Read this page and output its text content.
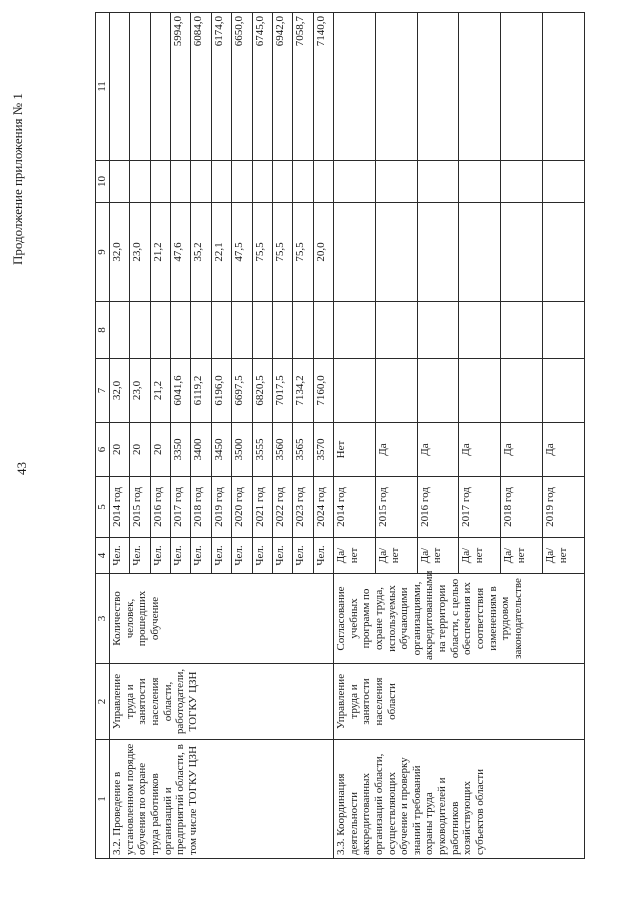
43
Продолжение приложения № 1
1	2	3	4	5	6	7	8	9	10	11
3.2. Проведение в установленном порядке обучения по охране труда работников организаций и предприятий области, в том числе ТОГКУ ЦЗН	Управление труда и занятости населения области, работодатели, ТОГКУ ЦЗН	Количество человек, прошедших обучение	Чел.	2014 год	20	32,0		32,0		
			Чел.	2015 год	20	23,0		23,0		
			Чел.	2016 год	20	21,2		21,2		
			Чел.	2017 год	3350	6041,6		47,6		5994,0
			Чел.	2018 год	3400	6119,2		35,2		6084,0
			Чел.	2019 год	3450	6196,0		22,1		6174,0
			Чел.	2020 год	3500	6697,5		47,5		6650,0
			Чел.	2021 год	3555	6820,5		75,5		6745,0
			Чел.	2022 год	3560	7017,5		75,5		6942,0
			Чел.	2023 год	3565	7134,2		75,5		7058,7
			Чел.	2024 год	3570	7160,0		20,0		7140,0
3.3. Координация деятельности аккредитованных организаций области, осуществляющих обучение и проверку знаний требований охраны труда руководителей и работников хозяйствующих субъектов области	Управление труда и занятости населения области	Согласование учебных программ по охране труда, используемых обучающими организациями, аккредитованными на территории области, с целью обеспечения их соответствия изменениям в трудовом законодательстве	Да/ нет	2014 год	Нет					
			Да/ нет	2015 год	Да					
			Да/ нет	2016 год	Да					
			Да/ нет	2017 год	Да					
			Да/ нет	2018 год	Да					
			Да/ нет	2019 год	Да					
